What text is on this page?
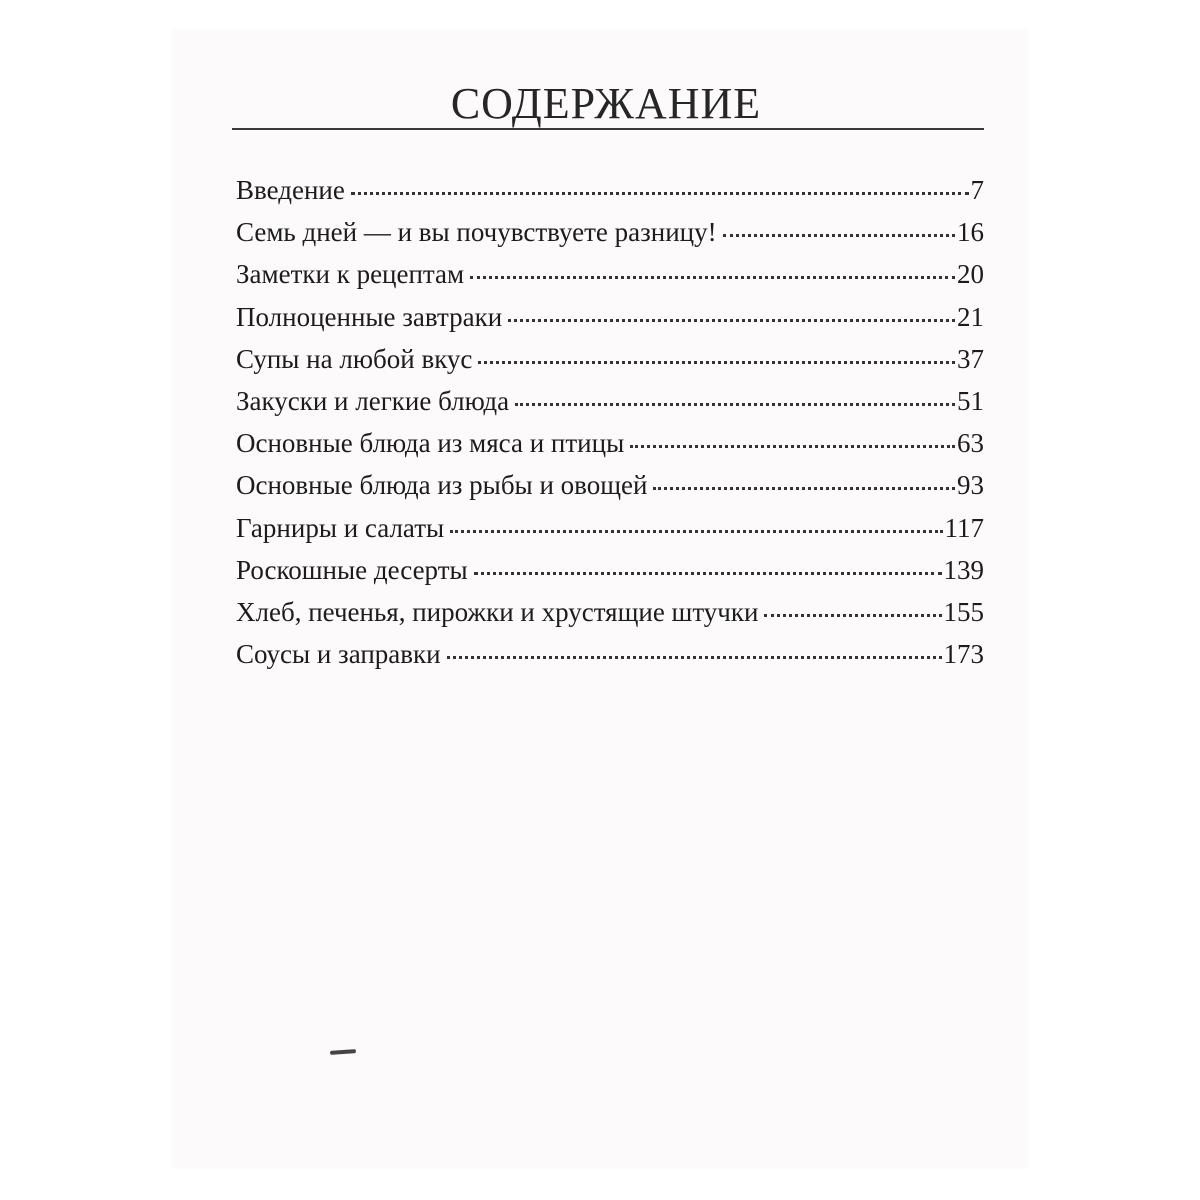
СОДЕРЖАНИЕ
Введение	7
Семь дней — и вы почувствуете разницу!	16
Заметки к рецептам	20
Полноценные завтраки	21
Супы на любой вкус	37
Закуски и легкие блюда	51
Основные блюда из мяса и птицы	63
Основные блюда из рыбы и овощей	93
Гарниры и салаты	117
Роскошные десерты	139
Хлеб, печенья, пирожки и хрустящие штучки	155
Соусы и заправки	173
